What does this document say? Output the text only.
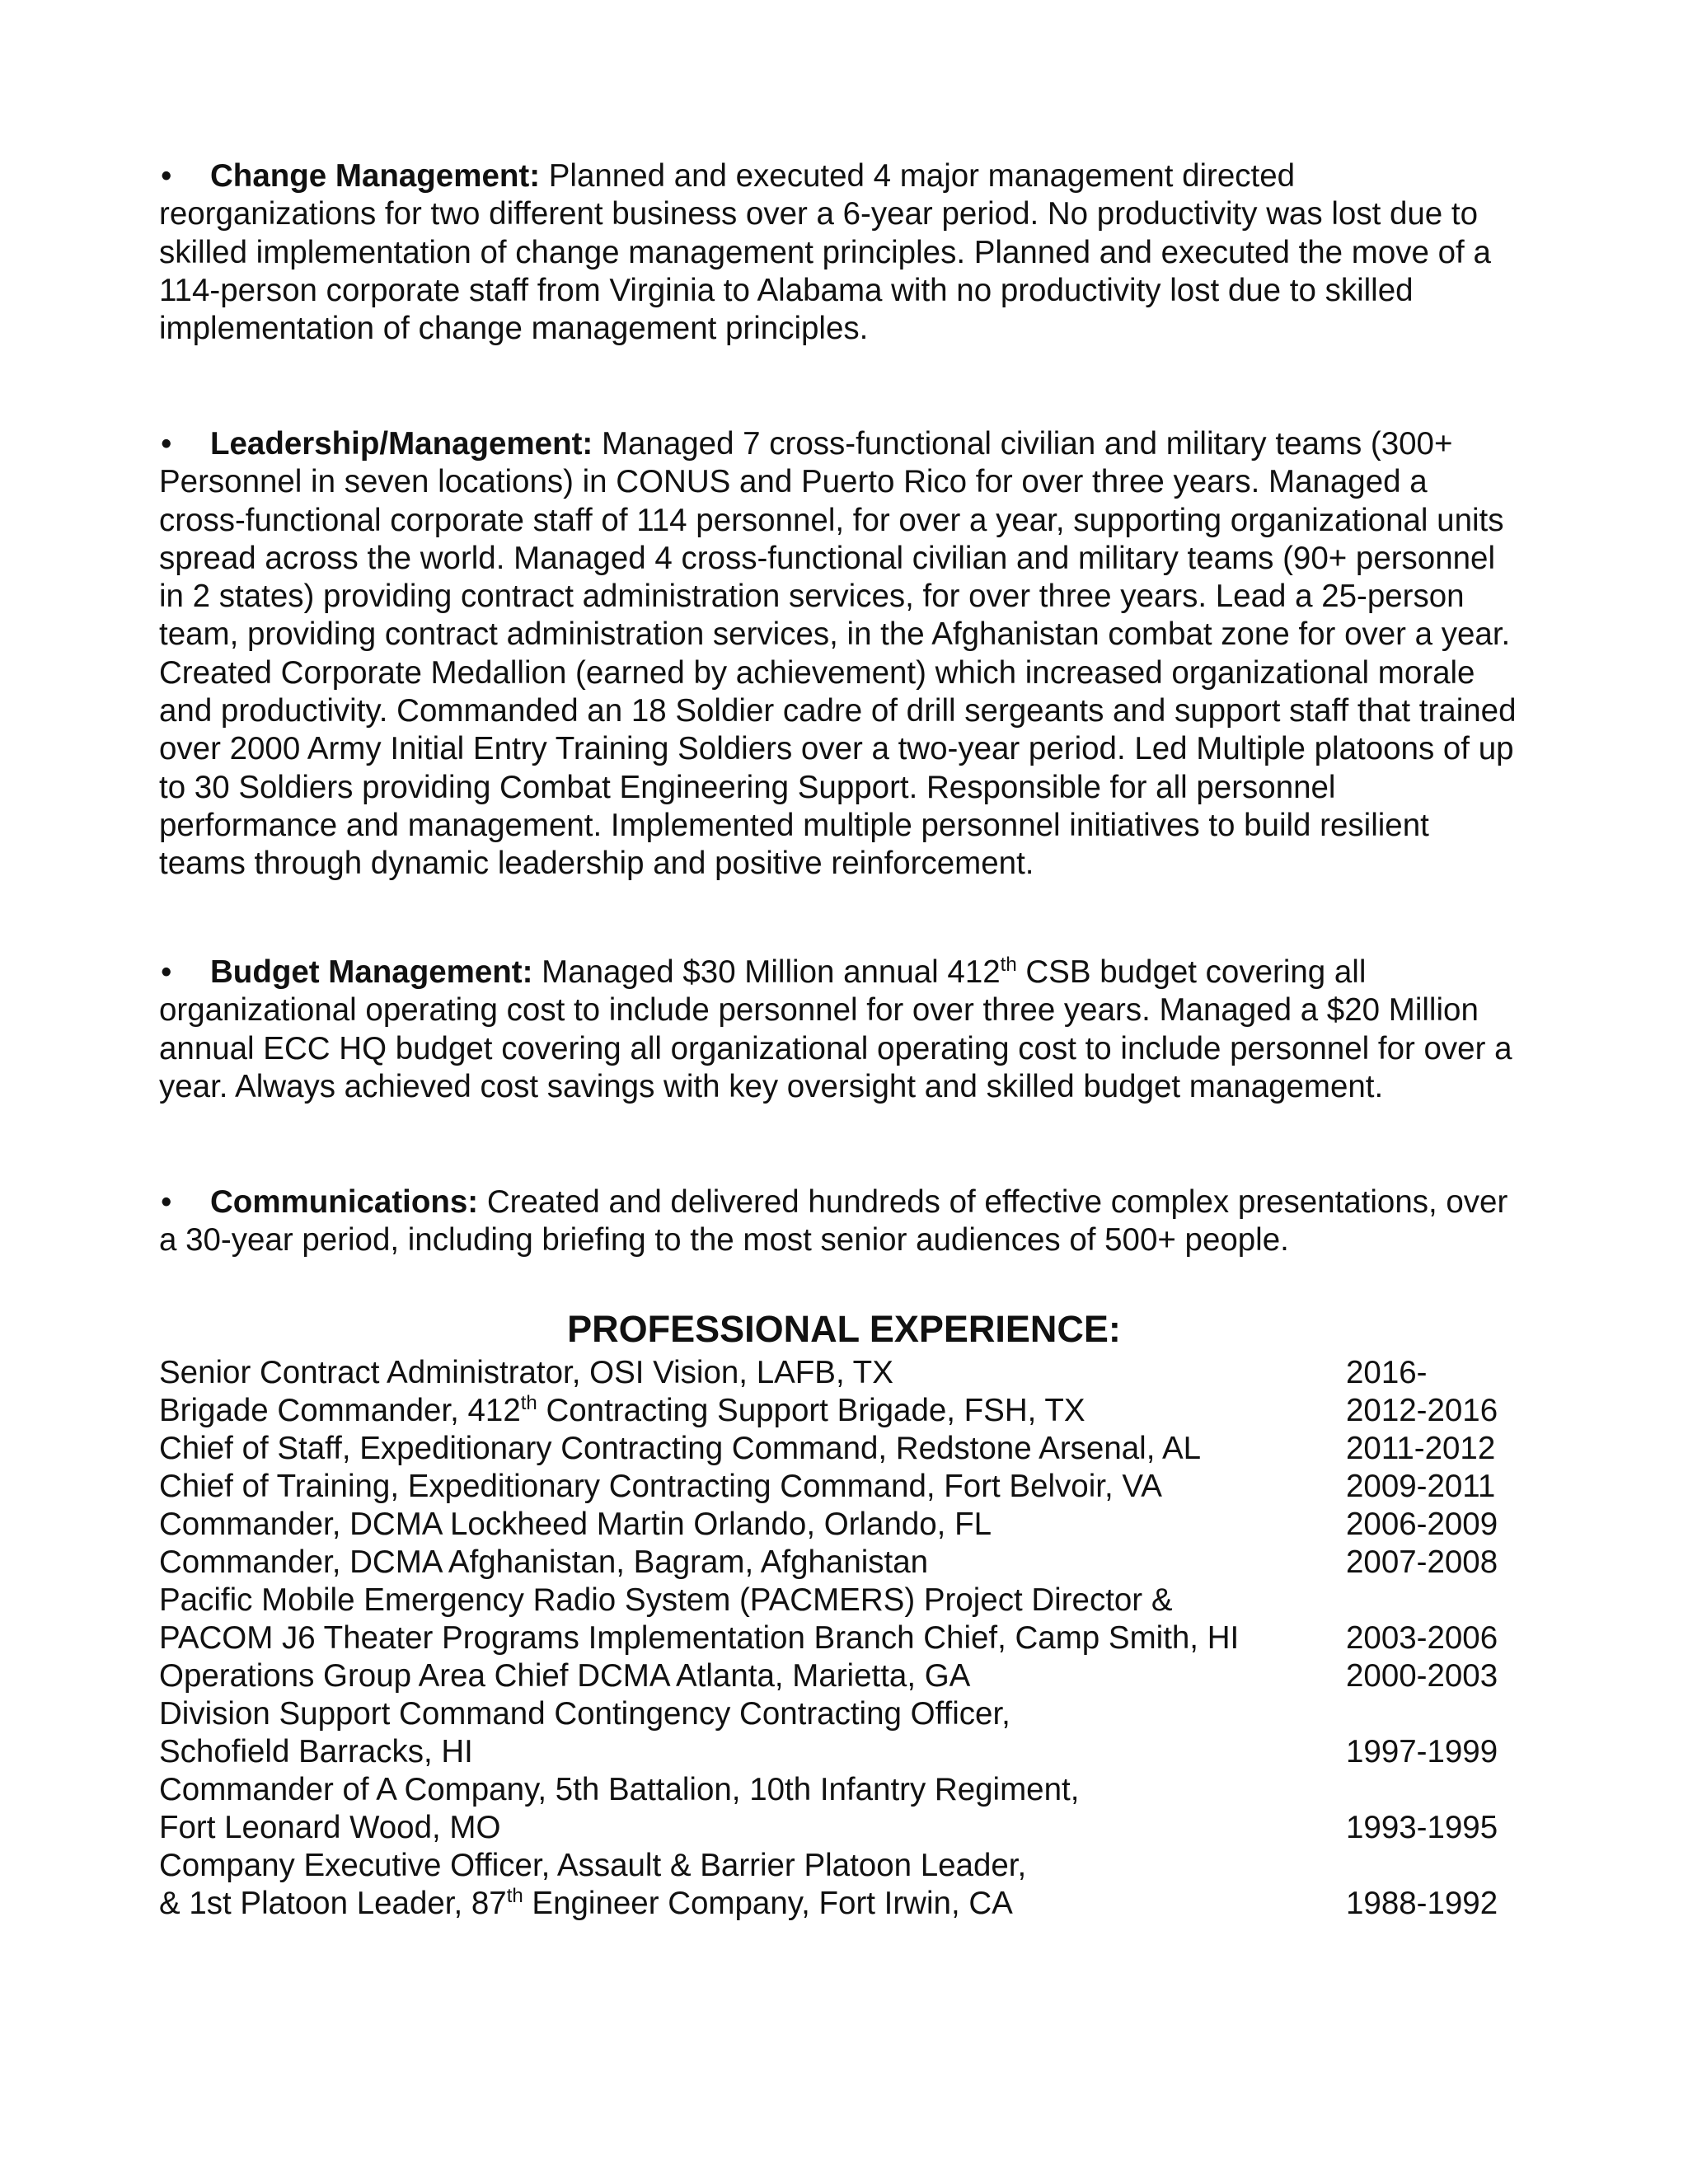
• Change Management: Planned and executed 4 major management directed reorganizations for two different business over a 6-year period. No productivity was lost due to skilled implementation of change management principles. Planned and executed the move of a 114-person corporate staff from Virginia to Alabama with no productivity lost due to skilled implementation of change management principles.
• Leadership/Management: Managed 7 cross-functional civilian and military teams (300+ Personnel in seven locations) in CONUS and Puerto Rico for over three years. Managed a cross-functional corporate staff of 114 personnel, for over a year, supporting organizational units spread across the world. Managed 4 cross-functional civilian and military teams (90+ personnel in 2 states) providing contract administration services, for over three years. Lead a 25-person team, providing contract administration services, in the Afghanistan combat zone for over a year. Created Corporate Medallion (earned by achievement) which increased organizational morale and productivity. Commanded an 18 Soldier cadre of drill sergeants and support staff that trained over 2000 Army Initial Entry Training Soldiers over a two-year period. Led Multiple platoons of up to 30 Soldiers providing Combat Engineering Support. Responsible for all personnel performance and management. Implemented multiple personnel initiatives to build resilient teams through dynamic leadership and positive reinforcement.
• Budget Management: Managed $30 Million annual 412th CSB budget covering all organizational operating cost to include personnel for over three years. Managed a $20 Million annual ECC HQ budget covering all organizational operating cost to include personnel for over a year. Always achieved cost savings with key oversight and skilled budget management.
• Communications: Created and delivered hundreds of effective complex presentations, over a 30-year period, including briefing to the most senior audiences of 500+ people.
PROFESSIONAL EXPERIENCE:
Senior Contract Administrator, OSI Vision, LAFB, TX	2016-
Brigade Commander, 412th Contracting Support Brigade, FSH, TX	2012-2016
Chief of Staff, Expeditionary Contracting Command, Redstone Arsenal, AL	2011-2012
Chief of Training, Expeditionary Contracting Command, Fort Belvoir, VA	2009-2011
Commander, DCMA Lockheed Martin Orlando, Orlando, FL	2006-2009
Commander, DCMA Afghanistan, Bagram, Afghanistan	2007-2008
Pacific Mobile Emergency Radio System (PACMERS) Project Director &
PACOM J6 Theater Programs Implementation Branch Chief, Camp Smith, HI	2003-2006
Operations Group Area Chief DCMA Atlanta, Marietta, GA	2000-2003
Division Support Command Contingency Contracting Officer,
Schofield Barracks, HI	1997-1999
Commander of A Company, 5th Battalion, 10th Infantry Regiment,
Fort Leonard Wood, MO	1993-1995
Company Executive Officer, Assault & Barrier Platoon Leader,
& 1st Platoon Leader, 87th Engineer Company, Fort Irwin, CA	1988-1992
